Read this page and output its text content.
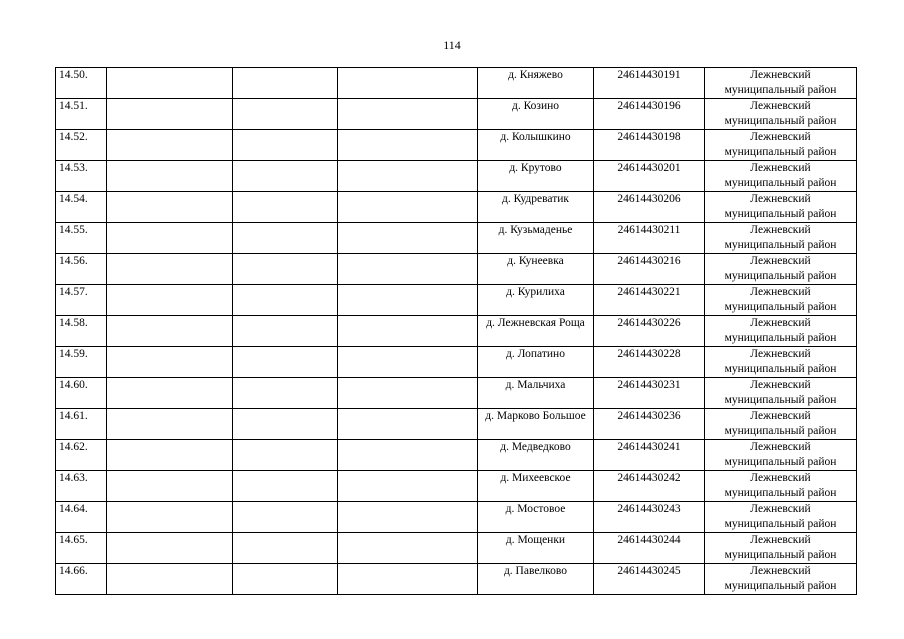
114
14.50.				д. Княжево	24614430191	Лежневский
муниципальный район

14.51.				д. Козино	24614430196	Лежневский
муниципальный район

14.52.				д. Колышкино	24614430198	Лежневский
муниципальный район

14.53.				д. Крутово	24614430201	Лежневский
муниципальный район

14.54.				д. Кудреватик	24614430206	Лежневский
муниципальный район

14.55.				д. Кузьмаденье	24614430211	Лежневский
муниципальный район

14.56.				д. Кунеевка	24614430216	Лежневский
муниципальный район

14.57.				д. Курилиха	24614430221	Лежневский
муниципальный район

14.58.				д. Лежневская Роща	24614430226	Лежневский
муниципальный район

14.59.				д. Лопатино	24614430228	Лежневский
муниципальный район

14.60.				д. Мальчиха	24614430231	Лежневский
муниципальный район

14.61.				д. Марково Большое	24614430236	Лежневский
муниципальный район

14.62.				д. Медведково	24614430241	Лежневский
муниципальный район

14.63.				д. Михеевское	24614430242	Лежневский
муниципальный район

14.64.				д. Мостовое	24614430243	Лежневский
муниципальный район

14.65.				д. Мощенки	24614430244	Лежневский
муниципальный район

14.66.				д. Павелково	24614430245	Лежневский
муниципальный район
